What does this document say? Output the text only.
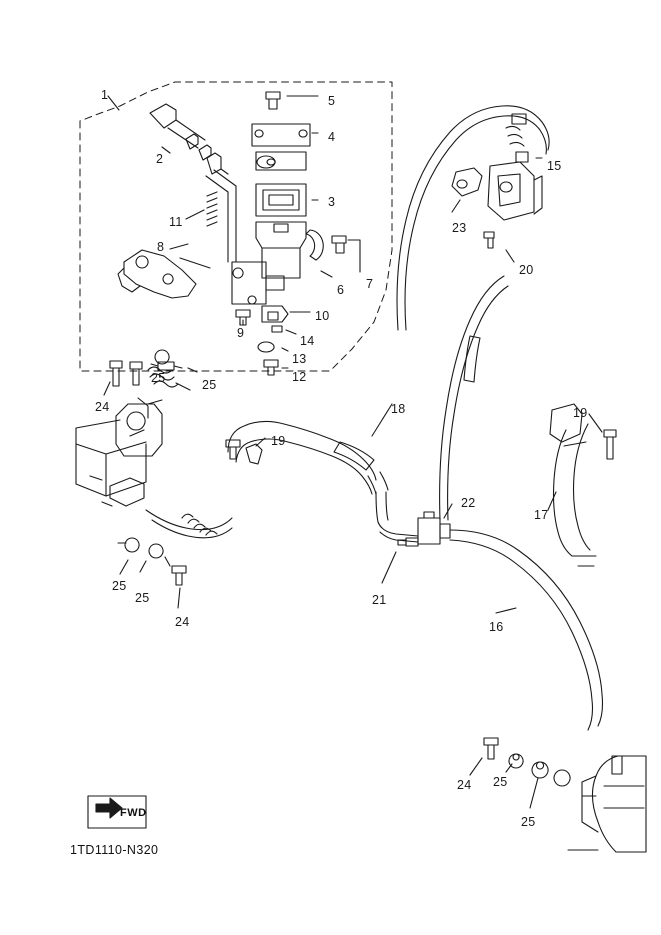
FWD
1TD1110-N320
1
2
3
4
5
6 7
8
9
10
11
12
13
14
15
16
17
18
19
19
20
21
22
23
24
24
24
25
25
25
25
25
25
